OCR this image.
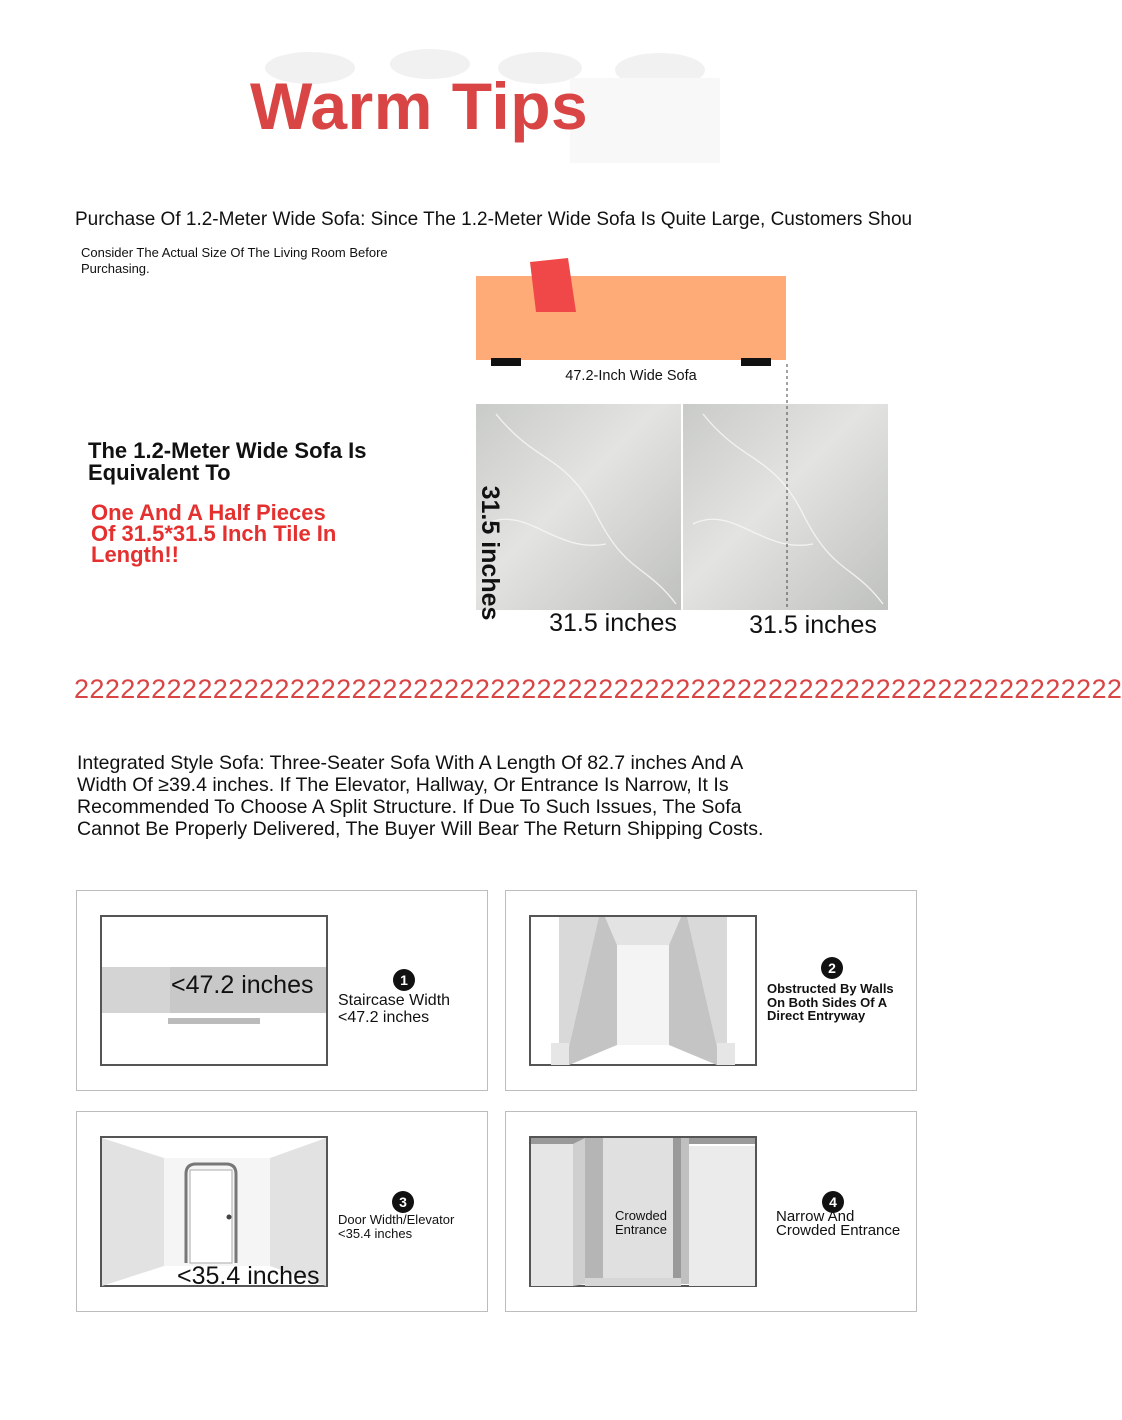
Warm Tips
Purchase Of 1.2-Meter Wide Sofa: Since The 1.2-Meter Wide Sofa Is Quite Large, Customers Shou
Consider The Actual Size Of The Living Room Before Purchasing.
47.2-Inch Wide Sofa
The 1.2-Meter Wide Sofa Is Equivalent To
One And A Half Pieces Of 31.5*31.5 Inch Tile In Length!!	31.5 inches
31.5 inches	31.5 inches
22222222222222222222222222222222222222222222222222222222222222222222
Integrated Style Sofa: Three-Seater Sofa With A Length Of 82.7 inches And A Width Of ≥39.4 inches. If The Elevator, Hallway, Or Entrance Is Narrow, It Is Recommended To Choose A Split Structure. If Due To Such Issues, The Sofa Cannot Be Properly Delivered, The Buyer Will Bear The Return Shipping Costs.
<47.2 inches	1
Staircase Width <47.2 inches
2
Obstructed By Walls On Both Sides Of A Direct Entryway
<35.4 inches
3
Door Width/Elevator <35.4 inches
Crowded Entrance
4
Narrow And Crowded Entrance
